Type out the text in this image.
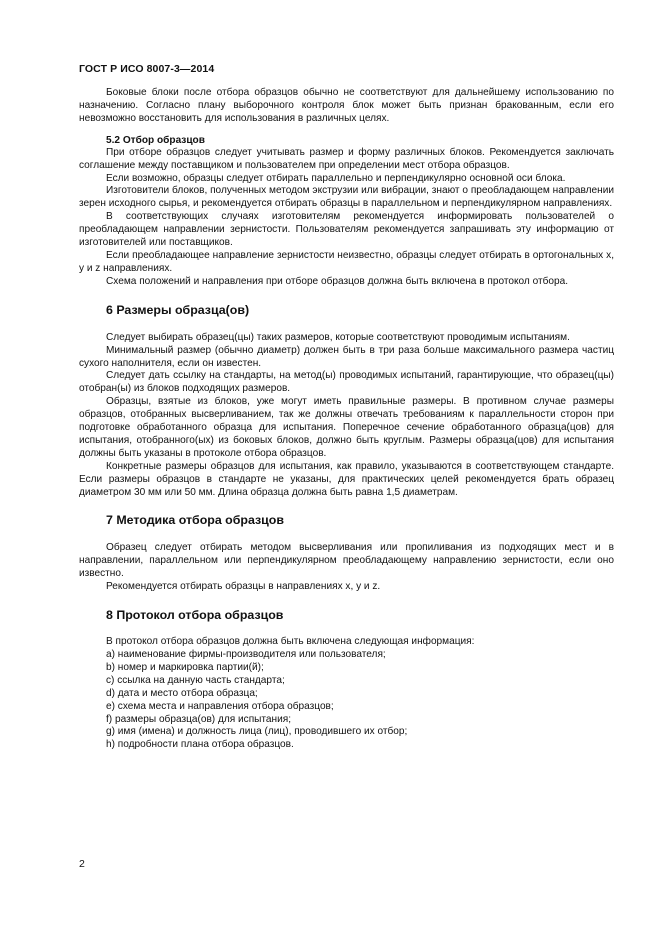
ГОСТ Р ИСО 8007-3—2014

Боковые блоки после отбора образцов обычно не соответствуют для дальнейшему использованию по назначению. Согласно плану выборочного контроля блок может быть признан бракованным, если его невозможно восстановить для использования в различных целях.

5.2 Отбор образцов

При отборе образцов следует учитывать размер и форму различных блоков. Рекомендуется заключать соглашение между поставщиком и пользователем при определении мест отбора образцов.

Если возможно, образцы следует отбирать параллельно и перпендикулярно основной оси блока.

Изготовители блоков, полученных методом экструзии или вибрации, знают о преобладающем направлении зерен исходного сырья, и рекомендуется отбирать образцы в параллельном и перпендикулярном направлениях.

В соответствующих случаях изготовителям рекомендуется информировать пользователей о преобладающем направлении зернистости. Пользователям рекомендуется запрашивать эту информацию от изготовителей или поставщиков.

Если преобладающее направление зернистости неизвестно, образцы следует отбирать в ортогональных x, y и z направлениях.

Схема положений и направления при отборе образцов должна быть включена в протокол отбора.

6 Размеры образца(ов)

Следует выбирать образец(цы) таких размеров, которые соответствуют проводимым испытаниям.

Минимальный размер (обычно диаметр) должен быть в три раза больше максимального размера частиц сухого наполнителя, если он известен.

Следует дать ссылку на стандарты, на метод(ы) проводимых испытаний, гарантирующие, что образец(цы) отобран(ы) из блоков подходящих размеров.

Образцы, взятые из блоков, уже могут иметь правильные размеры. В противном случае размеры образцов, отобранных высверливанием, так же должны отвечать требованиям к параллельности сторон при подготовке обработанного образца для испытания. Поперечное сечение обработанного образца(цов) для испытания, отобранного(ых) из боковых блоков, должно быть круглым. Размеры образца(цов) для испытания должны быть указаны в протоколе отбора образцов.

Конкретные размеры образцов для испытания, как правило, указываются в соответствующем стандарте. Если размеры образцов в стандарте не указаны, для практических целей рекомендуется брать образец диаметром 30 мм или 50 мм. Длина образца должна быть равна 1,5 диаметрам.

7 Методика отбора образцов

Образец следует отбирать методом высверливания или пропиливания из подходящих мест и в направлении, параллельном или перпендикулярном преобладающему направлению зернистости, если оно известно.

Рекомендуется отбирать образцы в направлениях x, y и z.

8 Протокол отбора образцов

В протокол отбора образцов должна быть включена следующая информация:

a) наименование фирмы-производителя или пользователя;
b) номер и маркировка партии(й);
c) ссылка на данную часть стандарта;
d) дата и место отбора образца;
e) схема места и направления отбора образцов;
f) размеры образца(ов) для испытания;
g) имя (имена) и должность лица (лиц), проводившего их отбор;
h) подробности плана отбора образцов.
2
